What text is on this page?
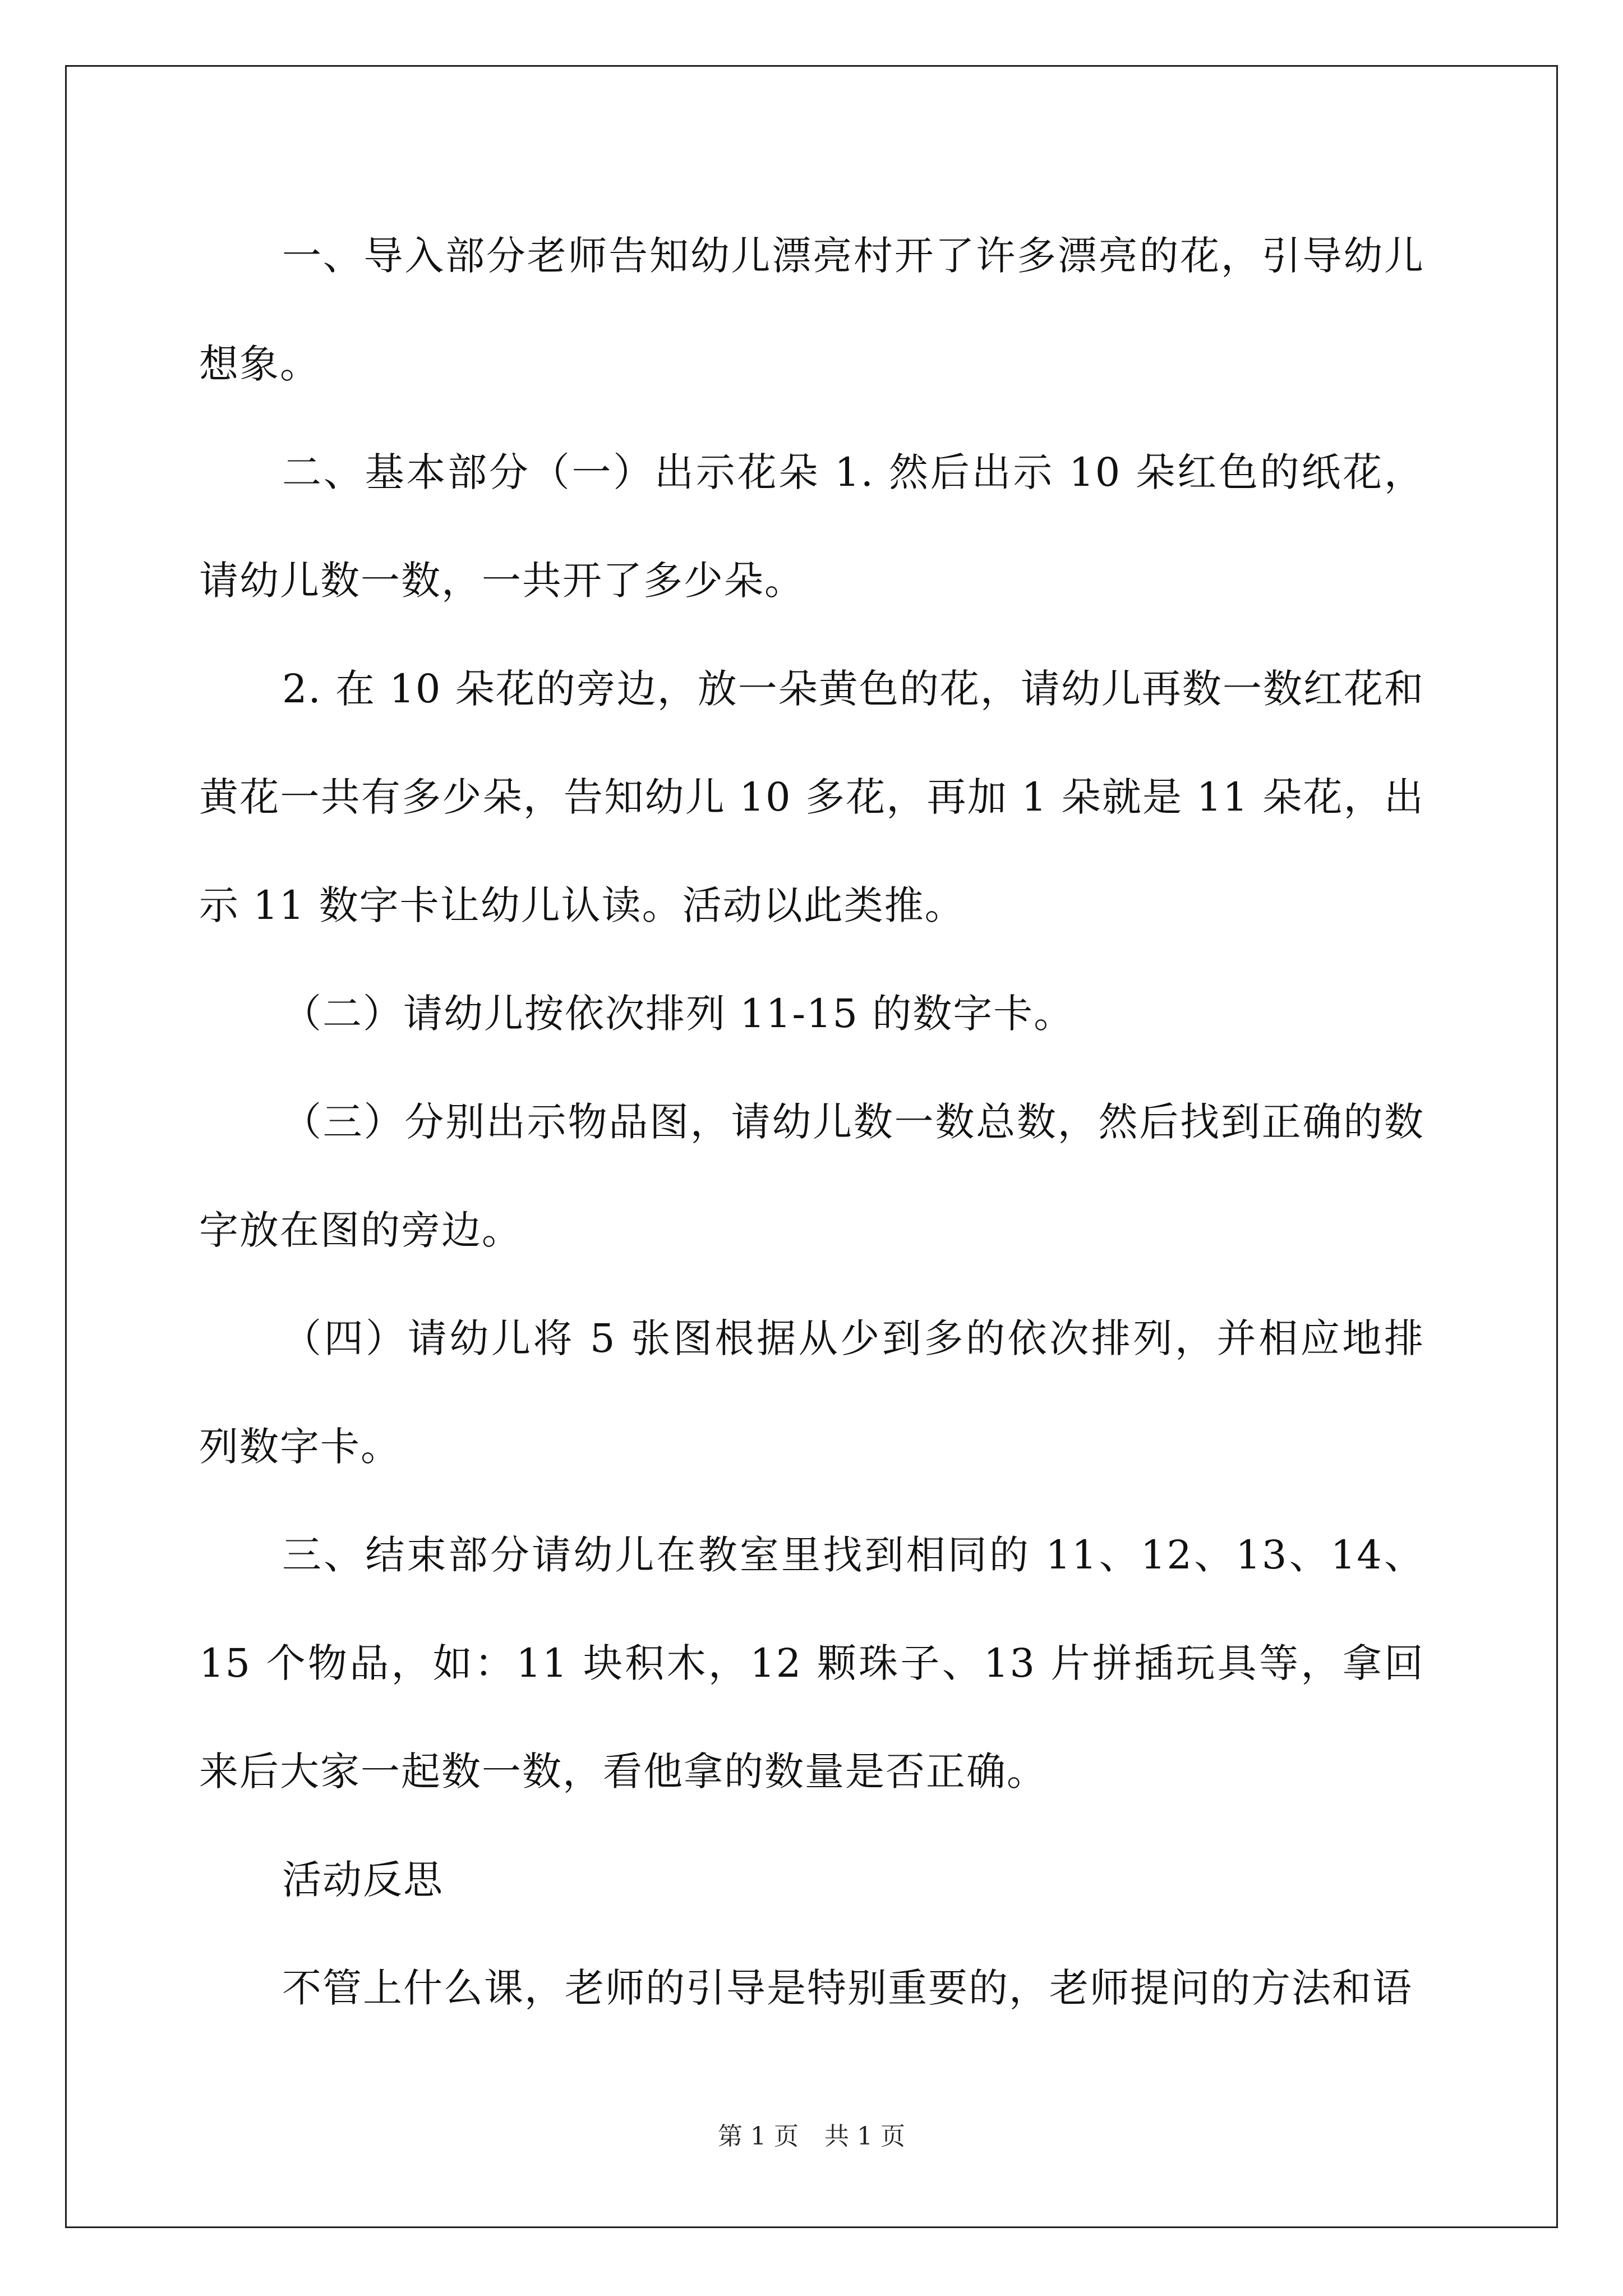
一、导入部分老师告知幼儿漂亮村开了许多漂亮的花，引导幼儿想象。

二、基本部分（一）出示花朵 1. 然后出示 10 朵红色的纸花，请幼儿数一数，一共开了多少朵。

2. 在 10 朵花的旁边，放一朵黄色的花，请幼儿再数一数红花和黄花一共有多少朵，告知幼儿 10 多花，再加 1 朵就是 11 朵花，出示 11 数字卡让幼儿认读。活动以此类推。

（二）请幼儿按依次排列 11-15 的数字卡。

（三）分别出示物品图，请幼儿数一数总数，然后找到正确的数字放在图的旁边。

（四）请幼儿将 5 张图根据从少到多的依次排列，并相应地排列数字卡。

三、结束部分请幼儿在教室里找到相同的 11、12、13、14、15 个物品，如：11 块积木，12 颗珠子、13 片拼插玩具等，拿回来后大家一起数一数，看他拿的数量是否正确。

活动反思

不管上什么课，老师的引导是特别重要的，老师提问的方法和语

第 1 页 共 1 页
